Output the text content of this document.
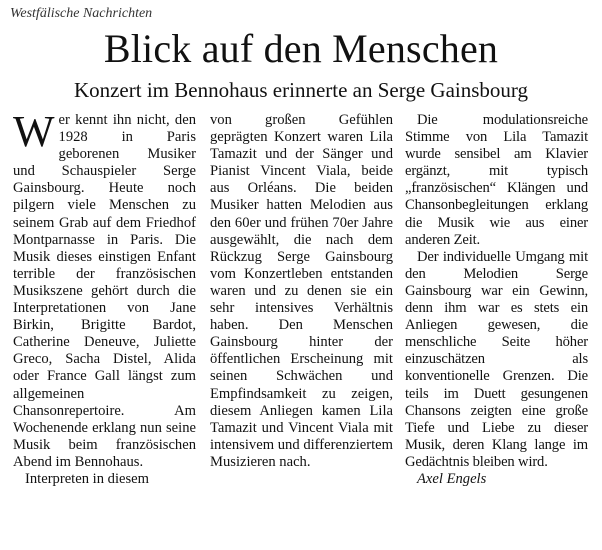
Westfälische Nachrichten
Blick auf den Menschen
Konzert im Bennohaus erinnerte an Serge Gainsbourg

Wer kennt ihn nicht, den 1928 in Paris geborenen Musiker und Schauspieler Serge Gainsbourg. Heute noch pilgern viele Menschen zu seinem Grab auf dem Friedhof Montparnasse in Paris. Die Musik dieses einstigen Enfant terrible der französischen Musikszene gehört durch die Interpretationen von Jane Birkin, Brigitte Bardot, Catherine Deneuve, Juliette Greco, Sacha Distel, Alida oder France Gall längst zum allgemeinen Chansonrepertoire. Am Wochenende erklang nun seine Musik beim französischen Abend im Bennohaus.

Interpreten in diesem

von großen Gefühlen geprägten Konzert waren Lila Tamazit und der Sänger und Pianist Vincent Viala, beide aus Orléans. Die beiden Musiker hatten Melodien aus den 60er und frühen 70er Jahre ausgewählt, die nach dem Rückzug Serge Gainsbourg vom Konzertleben entstanden waren und zu denen sie ein sehr intensives Verhältnis haben. Den Menschen Gainsbourg hinter der öffentlichen Erscheinung mit seinen Schwächen und Empfindsamkeit zu zeigen, diesem Anliegen kamen Lila Tamazit und Vincent Viala mit intensivem und differenziertem Musizieren nach.

Die modulationsreiche Stimme von Lila Tamazit wurde sensibel am Klavier ergänzt, mit typisch „französischen“ Klängen und Chansonbegleitungen erklang die Musik wie aus einer anderen Zeit.

Der individuelle Umgang mit den Melodien Serge Gainsbourg war ein Gewinn, denn ihm war es stets ein Anliegen gewesen, die menschliche Seite höher einzuschätzen als konventionelle Grenzen. Die teils im Duett gesungenen Chansons zeigten eine große Tiefe und Liebe zu dieser Musik, deren Klang lange im Gedächtnis bleiben wird.

Axel Engels
